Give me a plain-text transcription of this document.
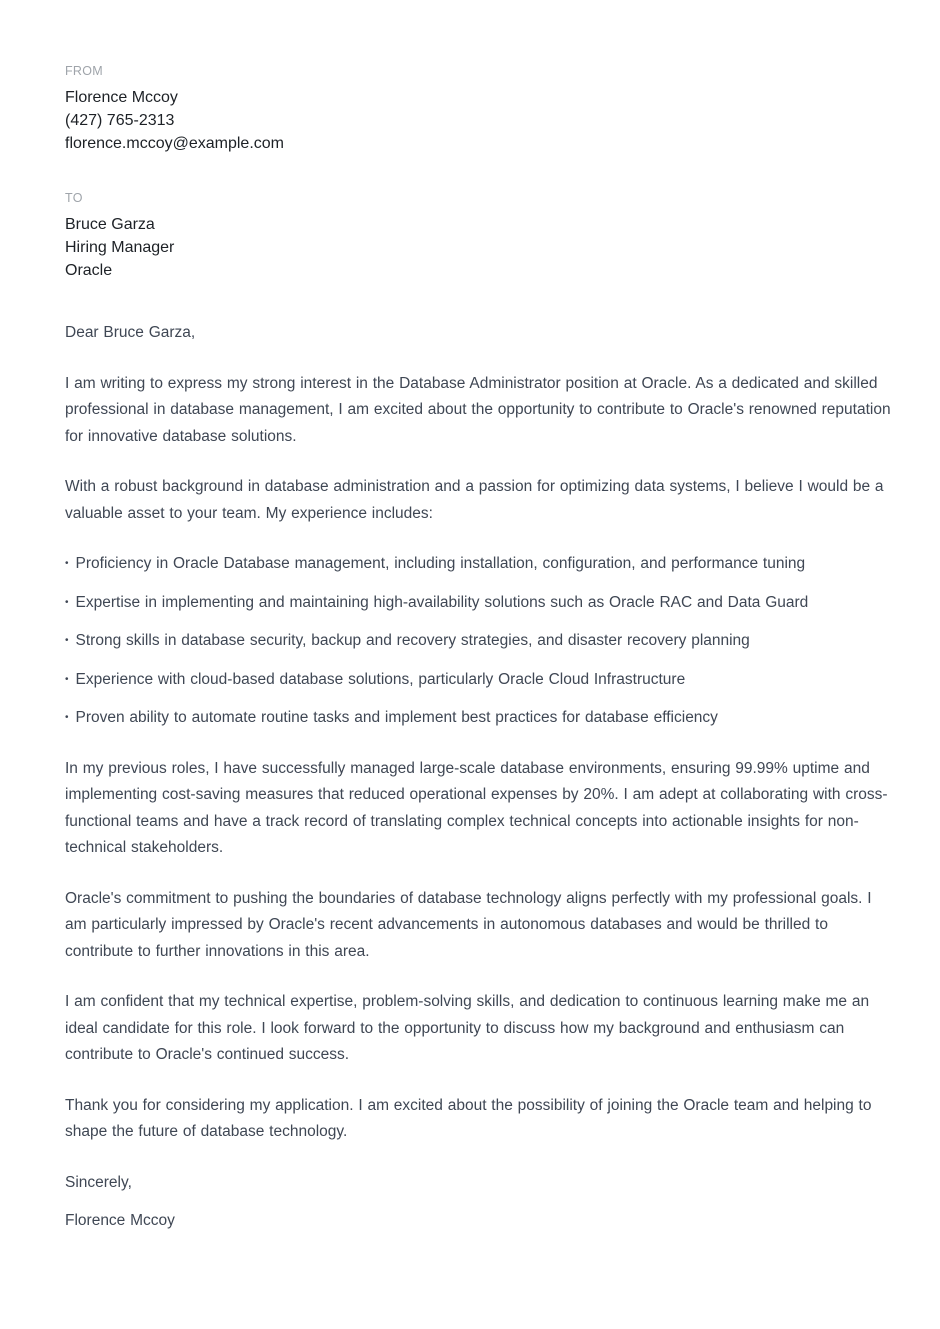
FROM
Florence Mccoy
(427) 765-2313
florence.mccoy@example.com
TO
Bruce Garza
Hiring Manager
Oracle

Dear Bruce Garza,

I am writing to express my strong interest in the Database Administrator position at Oracle. As a dedicated and skilled professional in database management, I am excited about the opportunity to contribute to Oracle's renowned reputation for innovative database solutions.

With a robust background in database administration and a passion for optimizing data systems, I believe I would be a valuable asset to your team. My experience includes:

• Proficiency in Oracle Database management, including installation, configuration, and performance tuning
• Expertise in implementing and maintaining high-availability solutions such as Oracle RAC and Data Guard
• Strong skills in database security, backup and recovery strategies, and disaster recovery planning
• Experience with cloud-based database solutions, particularly Oracle Cloud Infrastructure
• Proven ability to automate routine tasks and implement best practices for database efficiency

In my previous roles, I have successfully managed large-scale database environments, ensuring 99.99% uptime and implementing cost-saving measures that reduced operational expenses by 20%. I am adept at collaborating with cross-functional teams and have a track record of translating complex technical concepts into actionable insights for non-technical stakeholders.

Oracle's commitment to pushing the boundaries of database technology aligns perfectly with my professional goals. I am particularly impressed by Oracle's recent advancements in autonomous databases and would be thrilled to contribute to further innovations in this area.

I am confident that my technical expertise, problem-solving skills, and dedication to continuous learning make me an ideal candidate for this role. I look forward to the opportunity to discuss how my background and enthusiasm can contribute to Oracle's continued success.

Thank you for considering my application. I am excited about the possibility of joining the Oracle team and helping to shape the future of database technology.

Sincerely,

Florence Mccoy
